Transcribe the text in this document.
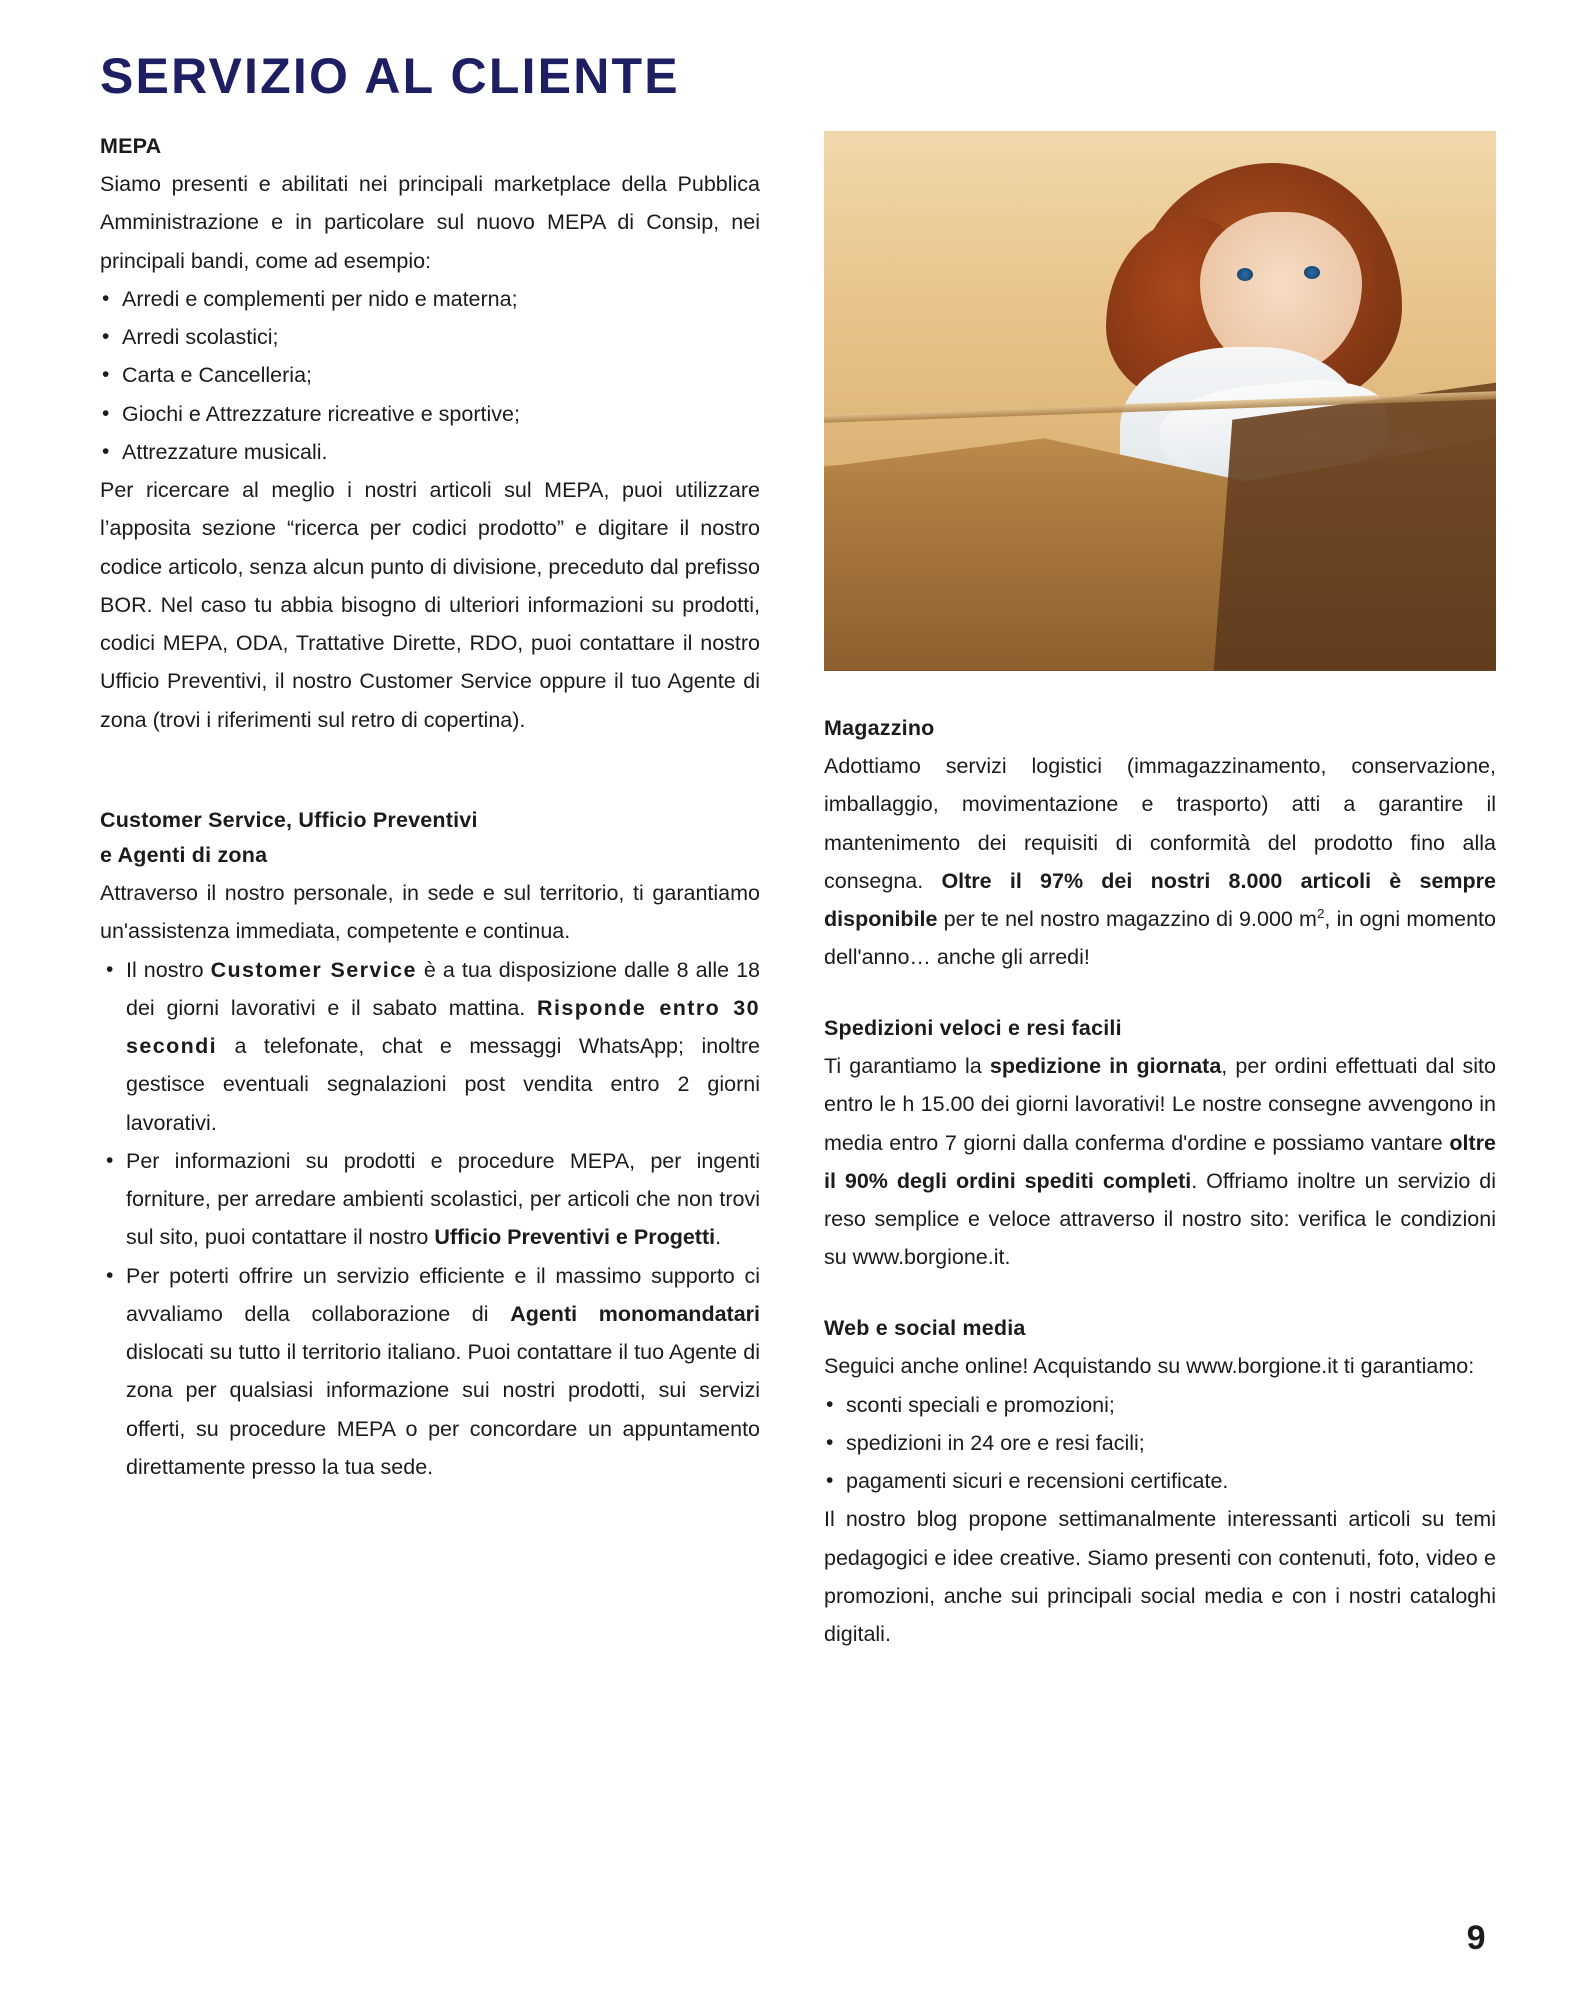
SERVIZIO AL CLIENTE
MEPA

Siamo presenti e abilitati nei principali marketplace della Pubblica Amministrazione e in particolare sul nuovo MEPA di Consip, nei principali bandi, come ad esempio:

• Arredi e complementi per nido e materna;
• Arredi scolastici;
• Carta e Cancelleria;
• Giochi e Attrezzature ricreative e sportive;
• Attrezzature musicali.

Per ricercare al meglio i nostri articoli sul MEPA, puoi utilizzare l’apposita sezione “ricerca per codici prodotto” e digitare il nostro codice articolo, senza alcun punto di divisione, preceduto dal prefisso BOR. Nel caso tu abbia bisogno di ulteriori informazioni su prodotti, codici MEPA, ODA, Trattative Dirette, RDO, puoi contattare il nostro Ufficio Preventivi, il nostro Customer Service oppure il tuo Agente di zona (trovi i riferimenti sul retro di copertina).

Customer Service, Ufficio Preventivi
e Agenti di zona

Attraverso il nostro personale, in sede e sul territorio, ti garantiamo un'assistenza immediata, competente e continua.

• Il nostro Customer Service è a tua disposizione dalle 8 alle 18 dei giorni lavorativi e il sabato mattina. Risponde entro 30 secondi a telefonate, chat e messaggi WhatsApp; inoltre gestisce eventuali segnalazioni post vendita entro 2 giorni lavorativi.
• Per informazioni su prodotti e procedure MEPA, per ingenti forniture, per arredare ambienti scolastici, per articoli che non trovi sul sito, puoi contattare il nostro Ufficio Preventivi e Progetti.
• Per poterti offrire un servizio efficiente e il massimo supporto ci avvaliamo della collaborazione di Agenti monomandatari dislocati su tutto il territorio italiano. Puoi contattare il tuo Agente di zona per qualsiasi informazione sui nostri prodotti, sui servizi offerti, su procedure MEPA o per concordare un appuntamento direttamente presso la tua sede.
Magazzino

Adottiamo servizi logistici (immagazzinamento, conservazione, imballaggio, movimentazione e trasporto) atti a garantire il mantenimento dei requisiti di conformità del prodotto fino alla consegna. Oltre il 97% dei nostri 8.000 articoli è sempre disponibile per te nel nostro magazzino di 9.000 $m^2$, in ogni momento dell'anno… anche gli arredi!

Spedizioni veloci e resi facili

Ti garantiamo la spedizione in giornata, per ordini effettuati dal sito entro le h 15.00 dei giorni lavorativi! Le nostre consegne avvengono in media entro 7 giorni dalla conferma d'ordine e possiamo vantare oltre il 90% degli ordini spediti completi. Offriamo inoltre un servizio di reso semplice e veloce attraverso il nostro sito: verifica le condizioni su www.borgione.it.

Web e social media

Seguici anche online! Acquistando su www.borgione.it ti garantiamo:

• sconti speciali e promozioni;
• spedizioni in 24 ore e resi facili;
• pagamenti sicuri e recensioni certificate.

Il nostro blog propone settimanalmente interessanti articoli su temi pedagogici e idee creative. Siamo presenti con contenuti, foto, video e promozioni, anche sui principali social media e con i nostri cataloghi digitali.

9
